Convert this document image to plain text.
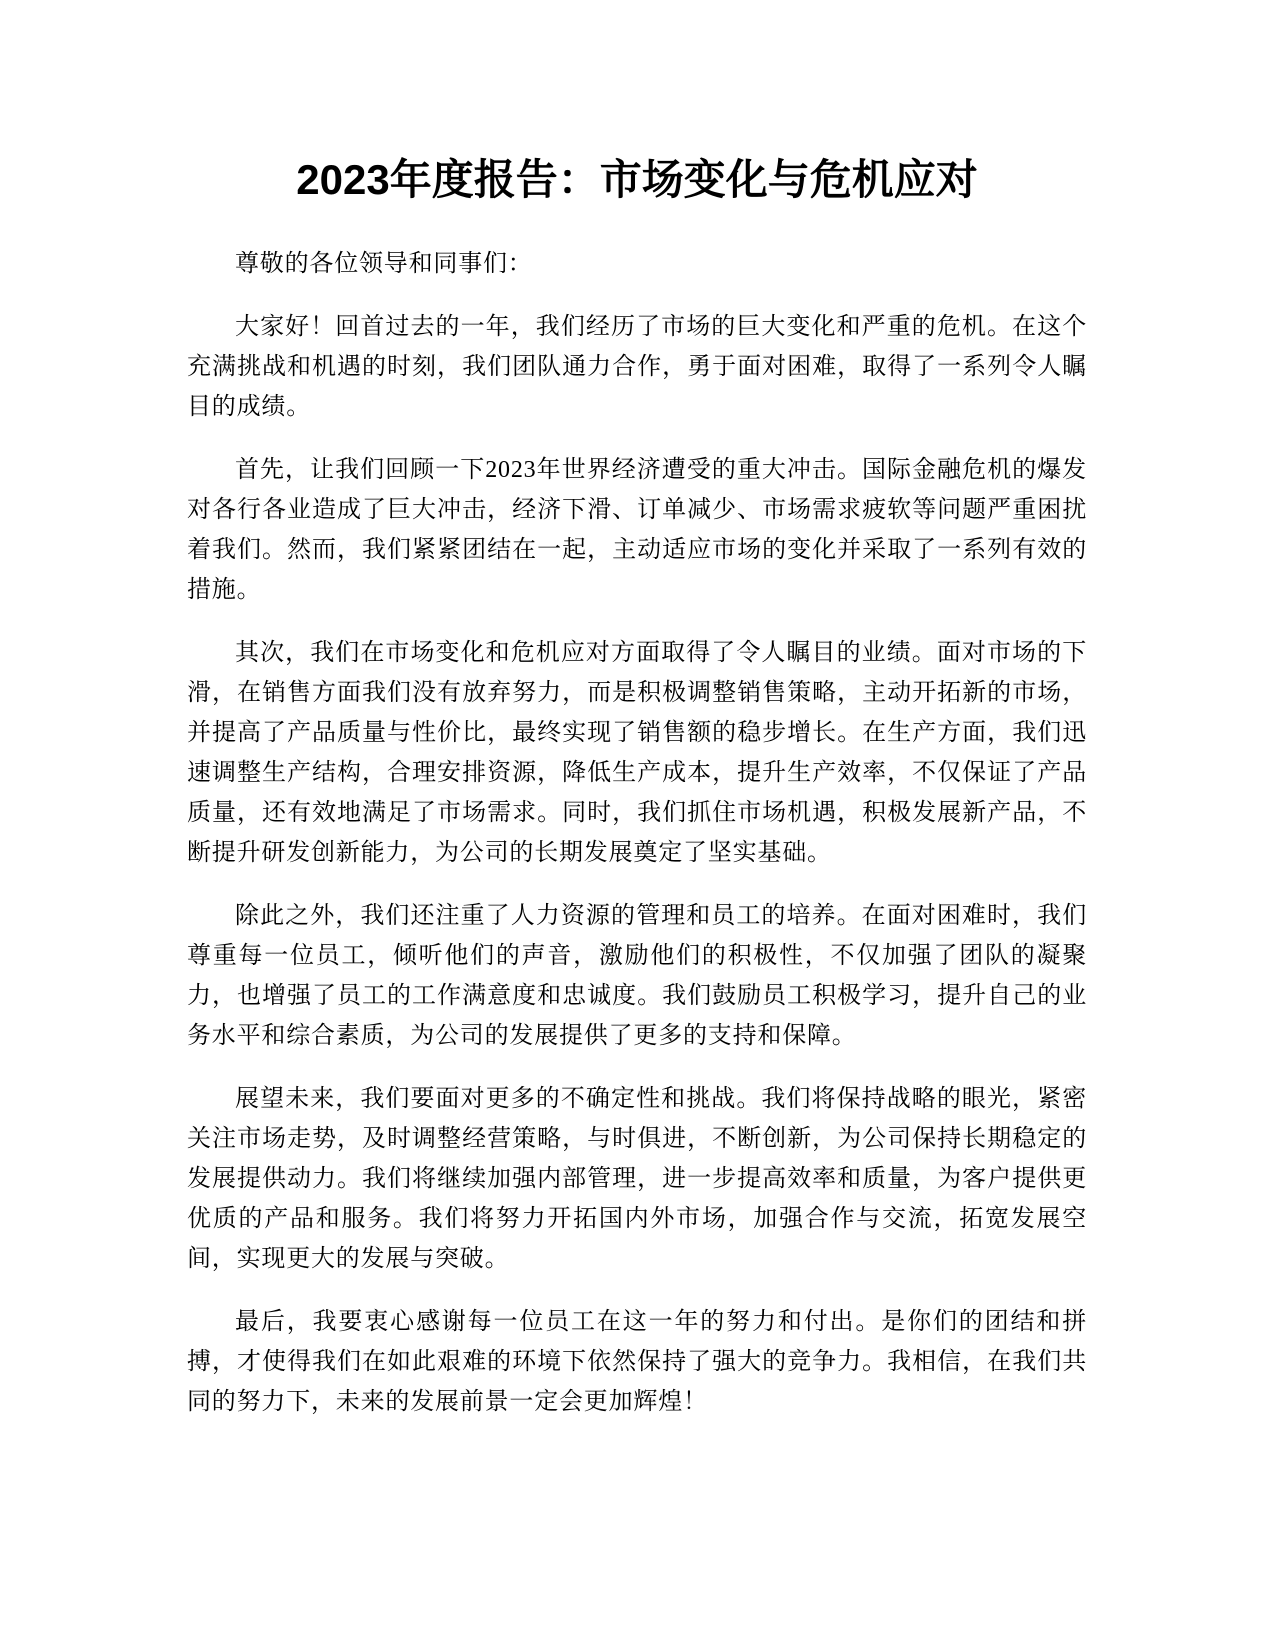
2023年度报告：市场变化与危机应对

尊敬的各位领导和同事们：

大家好！回首过去的一年，我们经历了市场的巨大变化和严重的危机。在这个充满挑战和机遇的时刻，我们团队通力合作，勇于面对困难，取得了一系列令人瞩目的成绩。

首先，让我们回顾一下2023年世界经济遭受的重大冲击。国际金融危机的爆发对各行各业造成了巨大冲击，经济下滑、订单减少、市场需求疲软等问题严重困扰着我们。然而，我们紧紧团结在一起，主动适应市场的变化并采取了一系列有效的措施。

其次，我们在市场变化和危机应对方面取得了令人瞩目的业绩。面对市场的下滑，在销售方面我们没有放弃努力，而是积极调整销售策略，主动开拓新的市场，并提高了产品质量与性价比，最终实现了销售额的稳步增长。在生产方面，我们迅速调整生产结构，合理安排资源，降低生产成本，提升生产效率，不仅保证了产品质量，还有效地满足了市场需求。同时，我们抓住市场机遇，积极发展新产品，不断提升研发创新能力，为公司的长期发展奠定了坚实基础。

除此之外，我们还注重了人力资源的管理和员工的培养。在面对困难时，我们尊重每一位员工，倾听他们的声音，激励他们的积极性，不仅加强了团队的凝聚力，也增强了员工的工作满意度和忠诚度。我们鼓励员工积极学习，提升自己的业务水平和综合素质，为公司的发展提供了更多的支持和保障。

展望未来，我们要面对更多的不确定性和挑战。我们将保持战略的眼光，紧密关注市场走势，及时调整经营策略，与时俱进，不断创新，为公司保持长期稳定的发展提供动力。我们将继续加强内部管理，进一步提高效率和质量，为客户提供更优质的产品和服务。我们将努力开拓国内外市场，加强合作与交流，拓宽发展空间，实现更大的发展与突破。

最后，我要衷心感谢每一位员工在这一年的努力和付出。是你们的团结和拼搏，才使得我们在如此艰难的环境下依然保持了强大的竞争力。我相信，在我们共同的努力下，未来的发展前景一定会更加辉煌！
